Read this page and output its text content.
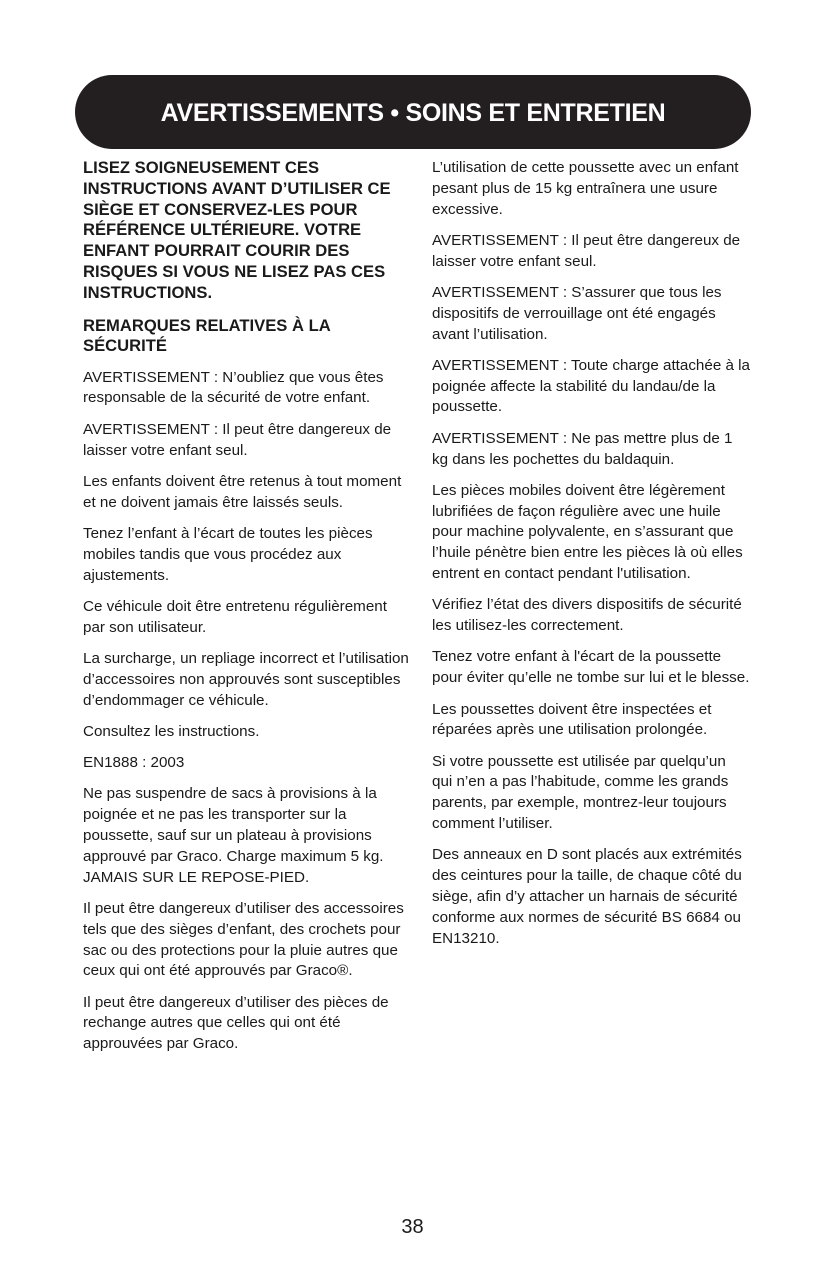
AVERTISSEMENTS • SOINS ET ENTRETIEN

LISEZ SOIGNEUSEMENT CES INSTRUCTIONS AVANT D’UTILISER CE SIÈGE ET CONSERVEZ-LES POUR RÉFÉRENCE ULTÉRIEURE. VOTRE ENFANT POURRAIT COURIR DES RISQUES SI VOUS NE LISEZ PAS CES INSTRUCTIONS.

REMARQUES RELATIVES À LA SÉCURITÉ

AVERTISSEMENT : N’oubliez que vous êtes responsable de la sécurité de votre enfant.

AVERTISSEMENT : Il peut être dangereux de laisser votre enfant seul.

Les enfants doivent être retenus à tout moment et ne doivent jamais être laissés seuls.

Tenez l’enfant à l’écart de toutes les pièces mobiles tandis que vous procédez aux ajustements.

Ce véhicule doit être entretenu régulièrement par son utilisateur.

La surcharge, un repliage incorrect et l’utilisation d’accessoires non approuvés sont susceptibles d’endommager ce véhicule.

Consultez les instructions.

EN1888 : 2003

Ne pas suspendre de sacs à provisions à la poignée et ne pas les transporter sur la poussette, sauf sur un plateau à provisions approuvé par Graco. Charge maximum 5 kg. JAMAIS SUR LE REPOSE-PIED.

Il peut être dangereux d’utiliser des accessoires tels que des sièges d’enfant, des crochets pour sac ou des protections pour la pluie autres que ceux qui ont été approuvés par Graco®.

Il peut être dangereux d’utiliser des pièces de rechange autres que celles qui ont été approuvées par Graco.

L’utilisation de cette poussette avec un enfant pesant plus de 15 kg entraînera une usure excessive.

AVERTISSEMENT : Il peut être dangereux de laisser votre enfant seul.

AVERTISSEMENT : S’assurer que tous les dispositifs de verrouillage ont été engagés avant l’utilisation.

AVERTISSEMENT : Toute charge attachée à la poignée affecte la stabilité du landau/de la poussette.

AVERTISSEMENT : Ne pas mettre plus de 1 kg dans les pochettes du baldaquin.

Les pièces mobiles doivent être légèrement lubrifiées de façon régulière avec une huile pour machine polyvalente, en s’assurant que l’huile pénètre bien entre les pièces là où elles entrent en contact pendant l'utilisation.

Vérifiez l’état des divers dispositifs de sécurité les utilisez-les correctement.

Tenez votre enfant à l'écart de la poussette pour éviter qu’elle ne tombe sur lui et le blesse.

Les poussettes doivent être inspectées et réparées après une utilisation prolongée.

Si votre poussette est utilisée par quelqu’un qui n’en a pas l’habitude, comme les grands parents, par exemple, montrez-leur toujours comment l’utiliser.

Des anneaux en D sont placés aux extrémités des ceintures pour la taille, de chaque côté du siège, afin d’y attacher un harnais de sécurité conforme aux normes de sécurité BS 6684 ou EN13210.

38
